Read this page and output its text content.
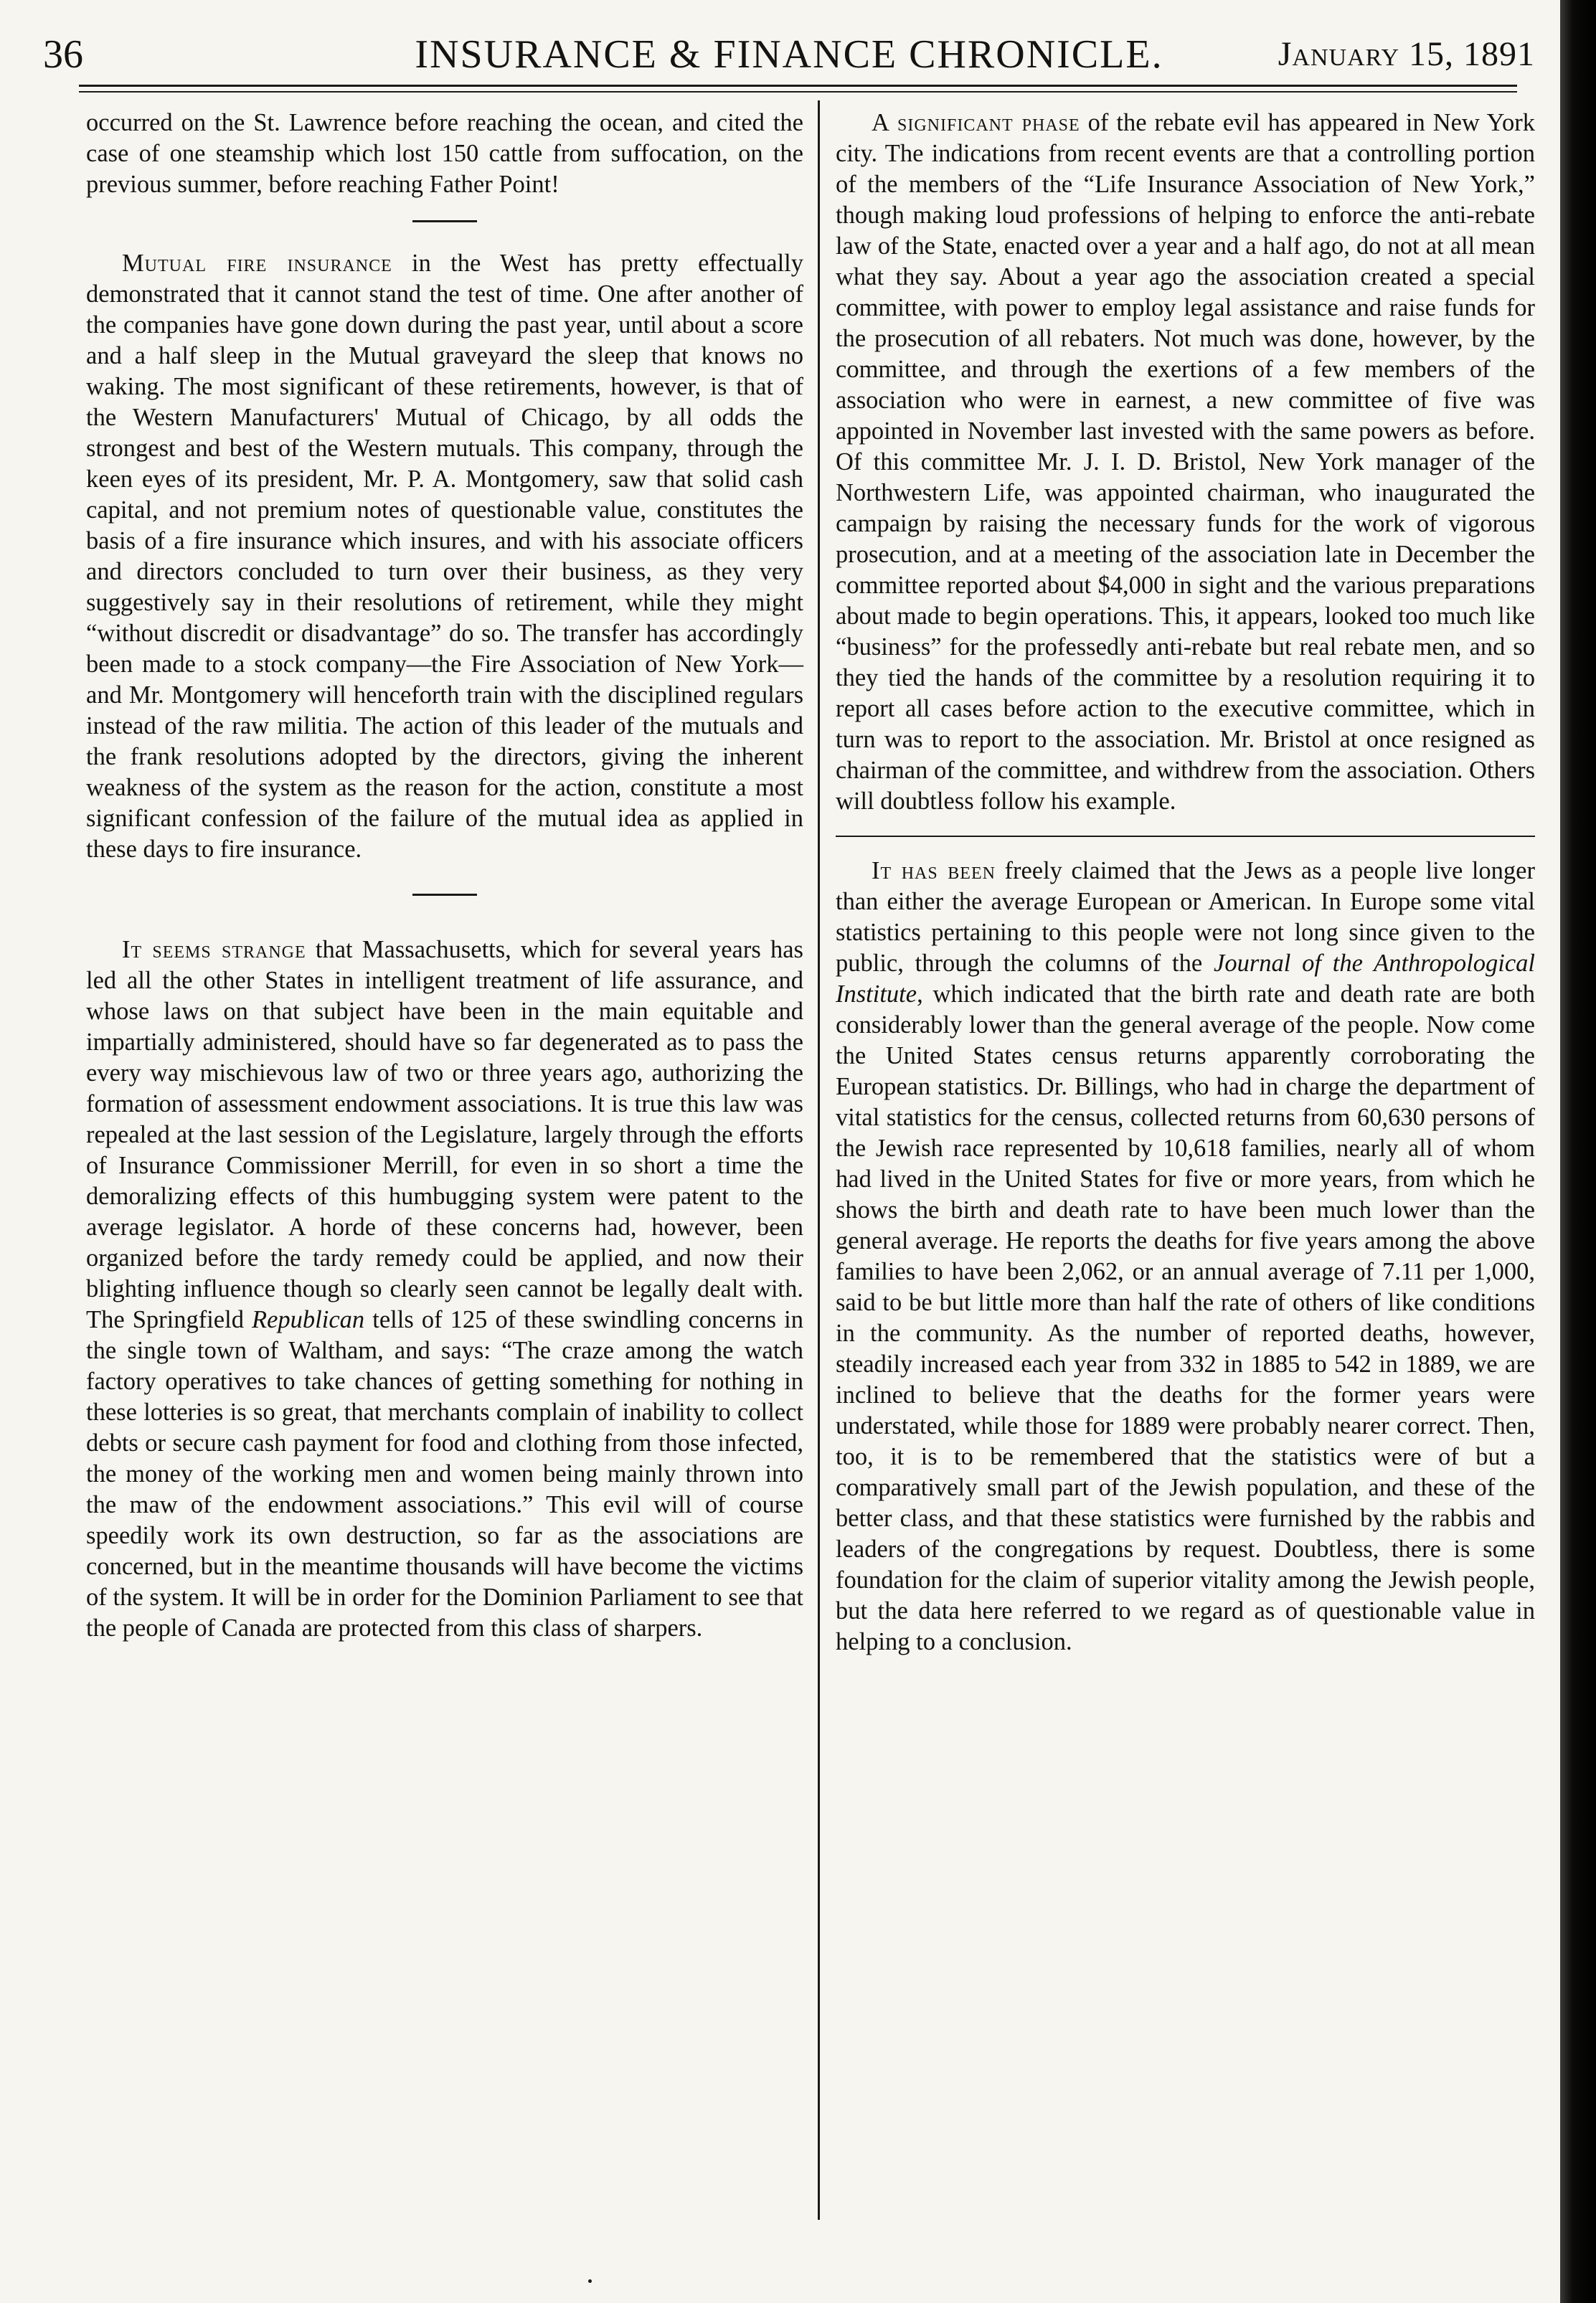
36	INSURANCE & FINANCE CHRONICLE.	January 15, 1891

occurred on the St. Lawrence before reaching the ocean, and cited the case of one steamship which lost 150 cattle from suffocation, on the previous summer, before reaching Father Point!

Mutual fire insurance in the West has pretty effectually demonstrated that it cannot stand the test of time. One after another of the companies have gone down during the past year, until about a score and a half sleep in the Mutual graveyard the sleep that knows no waking. The most significant of these retirements, however, is that of the Western Manufacturers' Mutual of Chicago, by all odds the strongest and best of the Western mutuals. This company, through the keen eyes of its president, Mr. P. A. Montgomery, saw that solid cash capital, and not premium notes of questionable value, constitutes the basis of a fire insurance which insures, and with his associate officers and directors concluded to turn over their business, as they very suggestively say in their resolutions of retirement, while they might “without discredit or disadvantage” do so. The transfer has accordingly been made to a stock company—the Fire Association of New York—and Mr. Montgomery will henceforth train with the disciplined regulars instead of the raw militia. The action of this leader of the mutuals and the frank resolutions adopted by the directors, giving the inherent weakness of the system as the reason for the action, constitute a most significant confession of the failure of the mutual idea as applied in these days to fire insurance.

It seems strange that Massachusetts, which for several years has led all the other States in intelligent treatment of life assurance, and whose laws on that subject have been in the main equitable and impartially administered, should have so far degenerated as to pass the every way mischievous law of two or three years ago, authorizing the formation of assessment endowment associations. It is true this law was repealed at the last session of the Legislature, largely through the efforts of Insurance Commissioner Merrill, for even in so short a time the demoralizing effects of this humbugging system were patent to the average legislator. A horde of these concerns had, however, been organized before the tardy remedy could be applied, and now their blighting influence though so clearly seen cannot be legally dealt with. The Springfield Republican tells of 125 of these swindling concerns in the single town of Waltham, and says: “The craze among the watch factory operatives to take chances of getting something for nothing in these lotteries is so great, that merchants complain of inability to collect debts or secure cash payment for food and clothing from those infected, the money of the working men and women being mainly thrown into the maw of the endowment associations.” This evil will of course speedily work its own destruction, so far as the associations are concerned, but in the meantime thousands will have become the victims of the system. It will be in order for the Dominion Parliament to see that the people of Canada are protected from this class of sharpers.

A significant phase of the rebate evil has appeared in New York city. The indications from recent events are that a controlling portion of the members of the “Life Insurance Association of New York,” though making loud professions of helping to enforce the anti-rebate law of the State, enacted over a year and a half ago, do not at all mean what they say. About a year ago the association created a special committee, with power to employ legal assistance and raise funds for the prosecution of all rebaters. Not much was done, however, by the committee, and through the exertions of a few members of the association who were in earnest, a new committee of five was appointed in November last invested with the same powers as before. Of this committee Mr. J. I. D. Bristol, New York manager of the Northwestern Life, was appointed chairman, who inaugurated the campaign by raising the necessary funds for the work of vigorous prosecution, and at a meeting of the association late in December the committee reported about $4,000 in sight and the various preparations about made to begin operations. This, it appears, looked too much like “business” for the professedly anti-rebate but real rebate men, and so they tied the hands of the committee by a resolution requiring it to report all cases before action to the executive committee, which in turn was to report to the association. Mr. Bristol at once resigned as chairman of the committee, and withdrew from the association. Others will doubtless follow his example.

It has been freely claimed that the Jews as a people live longer than either the average European or American. In Europe some vital statistics pertaining to this people were not long since given to the public, through the columns of the Journal of the Anthropological Institute, which indicated that the birth rate and death rate are both considerably lower than the general average of the people. Now come the United States census returns apparently corroborating the European statistics. Dr. Billings, who had in charge the department of vital statistics for the census, collected returns from 60,630 persons of the Jewish race represented by 10,618 families, nearly all of whom had lived in the United States for five or more years, from which he shows the birth and death rate to have been much lower than the general average. He reports the deaths for five years among the above families to have been 2,062, or an annual average of 7.11 per 1,000, said to be but little more than half the rate of others of like conditions in the community. As the number of reported deaths, however, steadily increased each year from 332 in 1885 to 542 in 1889, we are inclined to believe that the deaths for the former years were understated, while those for 1889 were probably nearer correct. Then, too, it is to be remembered that the statistics were of but a comparatively small part of the Jewish population, and these of the better class, and that these statistics were furnished by the rabbis and leaders of the congregations by request. Doubtless, there is some foundation for the claim of superior vitality among the Jewish people, but the data here referred to we regard as of questionable value in helping to a conclusion.
